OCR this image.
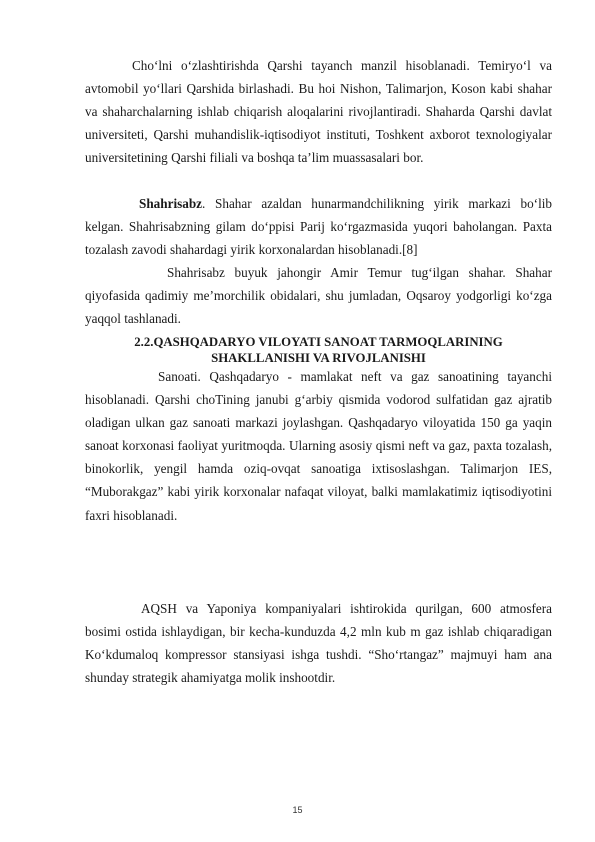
Cho‘lni o‘zlashtirishda Qarshi tayanch manzil hisoblanadi. Temiryo‘l va avtomobil yo‘llari Qarshida birlashadi. Bu hoi Nishon, Talimarjon, Koson kabi shahar va shaharchalarning ishlab chiqarish aloqalarini rivojlantiradi. Shaharda Qarshi davlat universiteti, Qarshi muhandislik-iqtisodiyot instituti, Toshkent axborot texnologiyalar universitetining Qarshi filiali va boshqa ta’lim muassasalari bor.

Shahrisabz. Shahar azaldan hunarmandchilikning yirik markazi bo‘lib kelgan. Shahrisabzning gilam do‘ppisi Parij ko‘rgazmasida yuqori baholangan. Paxta tozalash zavodi shahardagi yirik korxonalardan hisoblanadi.[8]

Shahrisabz buyuk jahongir Amir Temur tug‘ilgan shahar. Shahar qiyofasida qadimiy me’morchilik obidalari, shu jumladan, Oqsaroy yodgorligi ko‘zga yaqqol tashlanadi.

2.2.QASHQADARYO VILOYATI SANOAT TARMOQLARINING
SHAKLLANISHI VA RIVOJLANISHI

Sanoati. Qashqadaryo - mamlakat neft va gaz sanoatining tayanchi hisoblanadi. Qarshi choTining janubi g‘arbiy qismida vodorod sulfatidan gaz ajratib oladigan ulkan gaz sanoati markazi joylashgan. Qashqadaryo viloyatida 150 ga yaqin sanoat korxonasi faoliyat yuritmoqda. Ularning asosiy qismi neft va gaz, paxta tozalash, binokorlik, yengil hamda oziq-ovqat sanoatiga ixtisoslashgan. Talimarjon IES, “Muborakgaz” kabi yirik korxonalar nafaqat viloyat, balki mamlakatimiz iqtisodiyotini faxri hisoblanadi.

AQSH va Yaponiya kompaniyalari ishtirokida qurilgan, 600 atmosfera bosimi ostida ishlaydigan, bir kecha-kunduzda 4,2 mln kub m gaz ishlab chiqaradigan Ko‘kdumaloq kompressor stansiyasi ishga tushdi. “Sho‘rtangaz” majmuyi ham ana shunday strategik ahamiyatga molik inshootdir.

15
